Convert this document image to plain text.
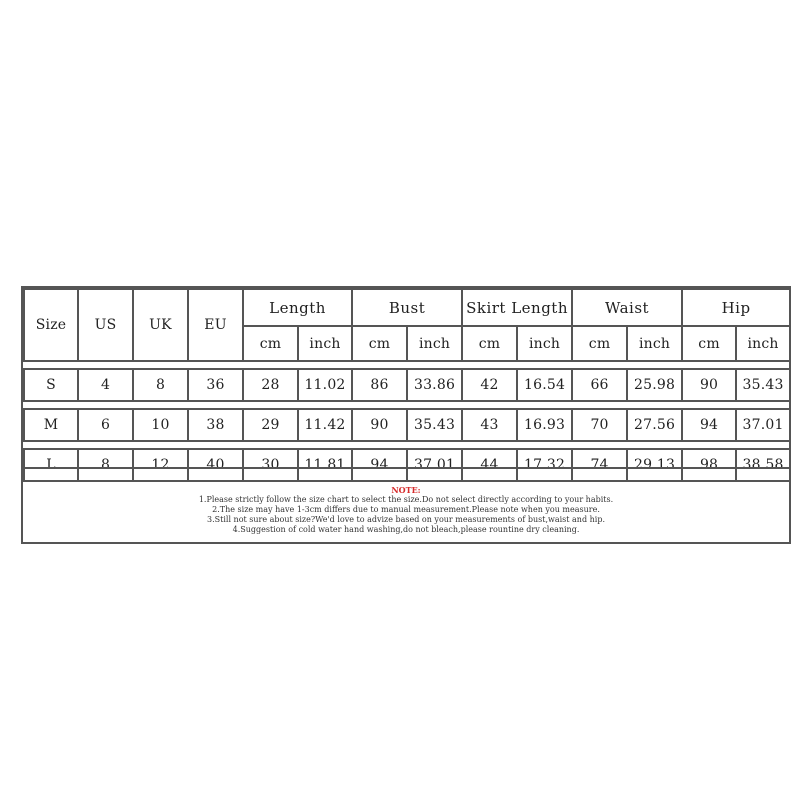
Size	US	UK	EU	Length		Bust		Skirt Length		Waist		Hip	
				cm	inch	cm	inch	cm	inch	cm	inch	cm	inch

S	4	8	36	28	11.02	86	33.86	42	16.54	66	25.98	90	35.43

M	6	10	38	29	11.42	90	35.43	43	16.93	70	27.56	94	37.01

L	8	12	40	30	11.81	94	37.01	44	17.32	74	29.13	98	38.58
NOTE:
1.Please strictly follow the size chart to select the size.Do not select directly according to your habits.
2.The size may have 1-3cm differs due to manual measurement.Please note when you measure.
3.Still not sure about size?We'd love to advize based on your measurements of bust,waist and hip.
4.Suggestion of cold water hand washing,do not bleach,please rountine dry cleaning.
